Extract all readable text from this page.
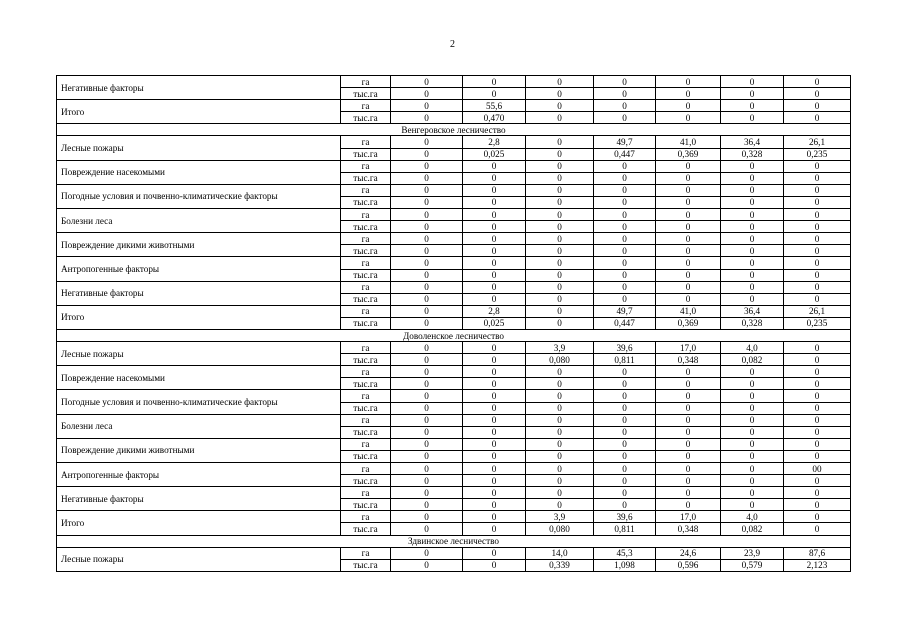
2
Негативные факторы	га	0	0	0	0	0	0	0
	тыс.га	0	0	0	0	0	0	0
Итого	га	0	55,6	0	0	0	0	0
	тыс.га	0	0,470	0	0	0	0	0
Венгеровское лесничество								
Лесные пожары	га	0	2,8	0	49,7	41,0	36,4	26,1
	тыс.га	0	0,025	0	0,447	0,369	0,328	0,235
Повреждение насекомыми	га	0	0	0	0	0	0	0
	тыс.га	0	0	0	0	0	0	0
Погодные условия и почвенно-климатические факторы	га	0	0	0	0	0	0	0
	тыс.га	0	0	0	0	0	0	0
Болезни леса	га	0	0	0	0	0	0	0
	тыс.га	0	0	0	0	0	0	0
Повреждение дикими животными	га	0	0	0	0	0	0	0
	тыс.га	0	0	0	0	0	0	0
Антропогенные факторы	га	0	0	0	0	0	0	0
	тыс.га	0	0	0	0	0	0	0
Негативные факторы	га	0	0	0	0	0	0	0
	тыс.га	0	0	0	0	0	0	0
Итого	га	0	2,8	0	49,7	41,0	36,4	26,1
	тыс.га	0	0,025	0	0,447	0,369	0,328	0,235
Доволенское лесничество								
Лесные пожары	га	0	0	3,9	39,6	17,0	4,0	0
	тыс.га	0	0	0,080	0,811	0,348	0,082	0
Повреждение насекомыми	га	0	0	0	0	0	0	0
	тыс.га	0	0	0	0	0	0	0
Погодные условия и почвенно-климатические факторы	га	0	0	0	0	0	0	0
	тыс.га	0	0	0	0	0	0	0
Болезни леса	га	0	0	0	0	0	0	0
	тыс.га	0	0	0	0	0	0	0
Повреждение дикими животными	га	0	0	0	0	0	0	0
	тыс.га	0	0	0	0	0	0	0
Антропогенные факторы	га	0	0	0	0	0	0	00
	тыс.га	0	0	0	0	0	0	0
Негативные факторы	га	0	0	0	0	0	0	0
	тыс.га	0	0	0	0	0	0	0
Итого	га	0	0	3,9	39,6	17,0	4,0	0
	тыс.га	0	0	0,080	0,811	0,348	0,082	0
Здвинское лесничество								
Лесные пожары	га	0	0	14,0	45,3	24,6	23,9	87,6
	тыс.га	0	0	0,339	1,098	0,596	0,579	2,123
